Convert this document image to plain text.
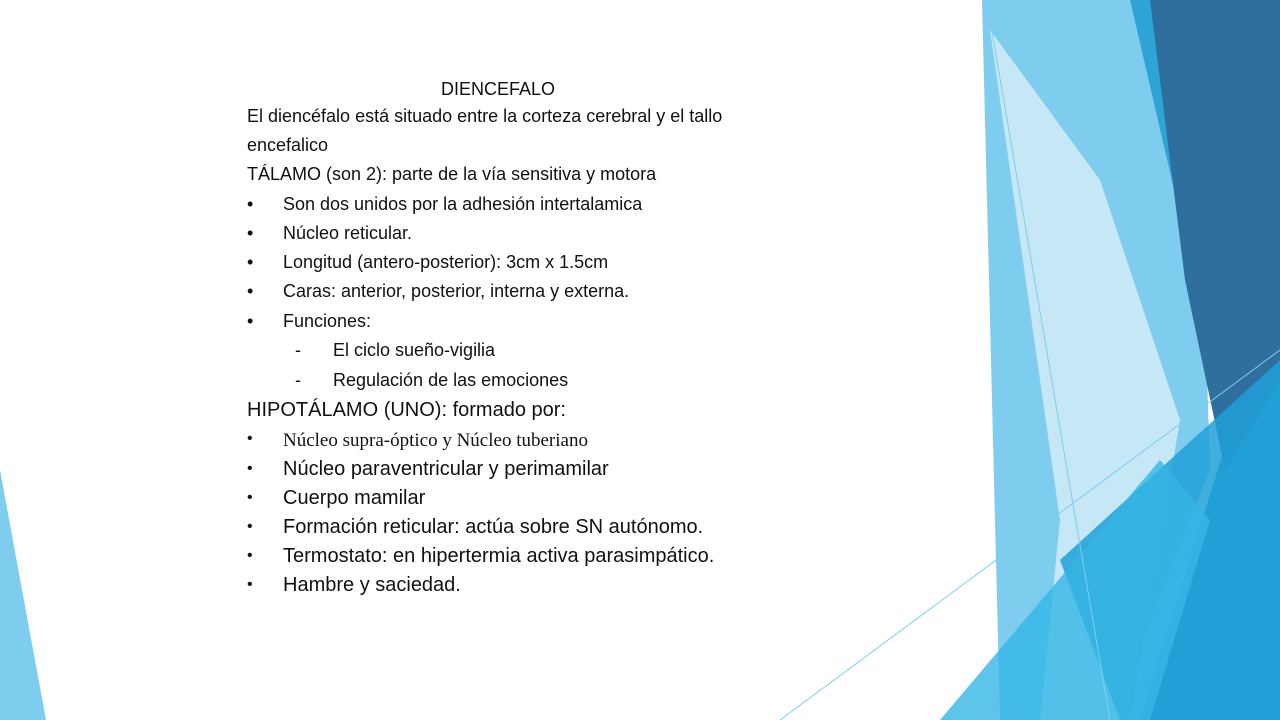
DIENCEFALO
El diencéfalo está situado entre la corteza cerebral y el tallo
encefalico
TÁLAMO (son 2): parte de la vía sensitiva y motora
• Son dos unidos por la adhesión intertalamica
• Núcleo reticular.
• Longitud (antero-posterior): 3cm x 1.5cm
• Caras: anterior, posterior, interna y externa.
• Funciones:
- El ciclo sueño-vigilia
- Regulación de las emociones
HIPOTÁLAMO (UNO): formado por:
• Núcleo supra-óptico y Núcleo tuberiano
• Núcleo paraventricular y perimamilar
• Cuerpo mamilar
• Formación reticular: actúa sobre SN autónomo.
• Termostato: en hipertermia activa parasimpático.
• Hambre y saciedad.
